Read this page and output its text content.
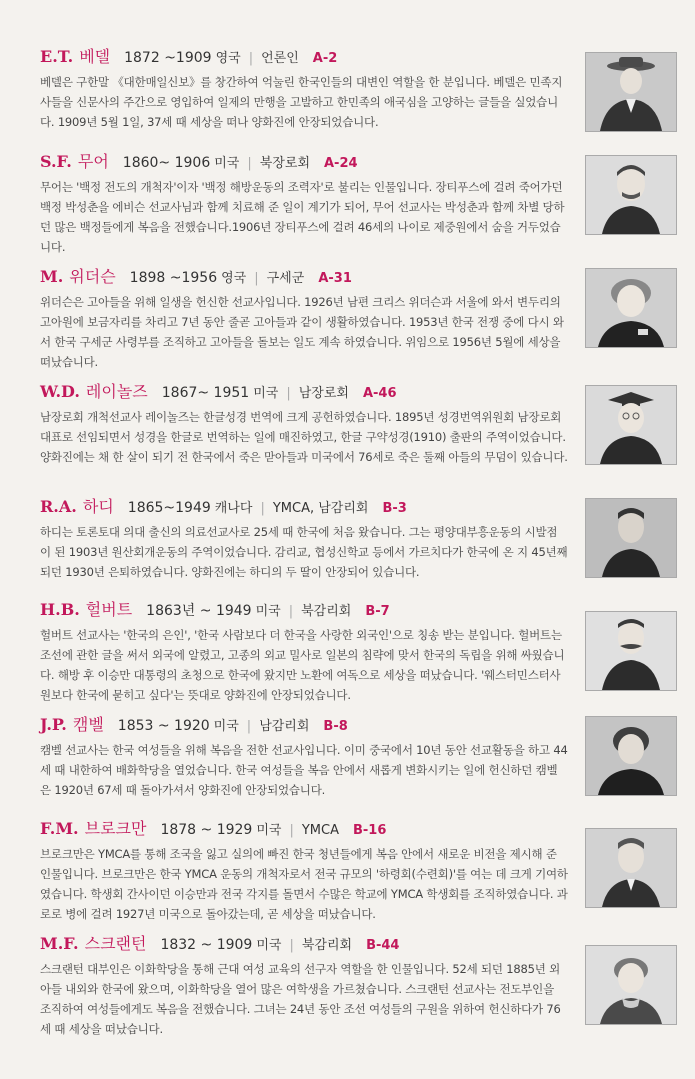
E.T. 베델 1872 ~1909 영국 | 언론인 A-2
베델은 구한말 《대한매일신보》를 창간하여 억눌린 한국인들의 대변인 역할을 한 분입니다. 베델은 민족지사들을 신문사의 주간으로 영입하여 일제의 만행을 고발하고 한민족의 애국심을 고양하는 글들을 실었습니다. 1909년 5월 1일, 37세 때 세상을 떠나 양화진에 안장되었습니다.
S.F. 무어 1860~ 1906 미국 | 북장로회 A-24
무어는 '백정 전도의 개척자'이자 '백정 해방운동의 조력자'로 불리는 인물입니다. 장티푸스에 걸려 죽어가던 백정 박성춘을 에비슨 선교사님과 함께 치료해 준 일이 계기가 되어, 무어 선교사는 박성춘과 함께 차별 당하던 많은 백정들에게 복음을 전했습니다.1906년 장티푸스에 걸려 46세의 나이로 제중원에서 숨을 거두었습니다.
M. 위더슨 1898 ~1956 영국 | 구세군 A-31
위더슨은 고아들을 위해 일생을 헌신한 선교사입니다. 1926년 남편 크리스 위더슨과 서울에 와서 변두리의 고아원에 보금자리를 차리고 7년 동안 줄곧 고아들과 같이 생활하였습니다. 1953년 한국 전쟁 중에 다시 와서 한국 구세군 사령부를 조직하고 고아들을 돌보는 일도 계속 하였습니다. 위임으로 1956년 5월에 세상을 떠났습니다.
W.D. 레이놀즈 1867~ 1951 미국 | 남장로회 A-46
남장로회 개척선교사 레이놀즈는 한글성경 번역에 크게 공헌하였습니다. 1895년 성경번역위원회 남장로회 대표로 선임되면서 성경을 한글로 번역하는 일에 매진하였고, 한글 구약성경(1910) 출판의 주역이었습니다. 양화진에는 채 한 살이 되기 전 한국에서 죽은 맏아들과 미국에서 76세로 죽은 둘째 아들의 무덤이 있습니다.
R.A. 하디 1865~1949 캐나다 | YMCA, 남감리회 B-3
하디는 토론토대 의대 출신의 의료선교사로 25세 때 한국에 처음 왔습니다. 그는 평양대부흥운동의 시발점이 된 1903년 원산회개운동의 주역이었습니다. 감리교, 협성신학교 등에서 가르치다가 한국에 온 지 45년째 되던 1930년 은퇴하였습니다. 양화진에는 하디의 두 딸이 안장되어 있습니다.
H.B. 헐버트 1863년 ~ 1949 미국 | 북감리회 B-7
헐버트 선교사는 '한국의 은인', '한국 사람보다 더 한국을 사랑한 외국인'으로 칭송 받는 분입니다. 헐버트는 조선에 관한 글을 써서 외국에 알렸고, 고종의 외교 밀사로 일본의 침략에 맞서 한국의 독립을 위해 싸웠습니다. 해방 후 이승만 대통령의 초청으로 한국에 왔지만 노환에 여독으로 세상을 떠났습니다. '웨스터민스터사원보다 한국에 묻히고 싶다'는 뜻대로 양화진에 안장되었습니다.
J.P. 캠벨 1853 ~ 1920 미국 | 남감리회 B-8
캠벨 선교사는 한국 여성들을 위해 복음을 전한 선교사입니다. 이미 중국에서 10년 동안 선교활동을 하고 44세 때 내한하여 배화학당을 열었습니다. 한국 여성들을 복음 안에서 새롭게 변화시키는 일에 헌신하던 캠벨은 1920년 67세 때 돌아가셔서 양화진에 안장되었습니다.
F.M. 브로크만 1878 ~ 1929 미국 | YMCA B-16
브로크만은 YMCA를 통해 조국을 잃고 실의에 빠진 한국 청년들에게 복음 안에서 새로운 비전을 제시해 준 인물입니다. 브로크만은 한국 YMCA 운동의 개척자로서 전국 규모의 '하령회(수련회)'를 여는 데 크게 기여하였습니다. 학생회 간사이던 이승만과 전국 각지를 돌면서 수많은 학교에 YMCA 학생회를 조직하였습니다. 과로로 병에 걸려 1927년 미국으로 돌아갔는데, 곧 세상을 떠났습니다.
M.F. 스크랜턴 1832 ~ 1909 미국 | 북감리회 B-44
스크랜턴 대부인은 이화학당을 통해 근대 여성 교육의 선구자 역할을 한 인물입니다. 52세 되던 1885년 외아들 내외와 한국에 왔으며, 이화학당을 열어 많은 여학생을 가르쳤습니다. 스크랜턴 선교사는 전도부인을 조직하여 여성들에게도 복음을 전했습니다. 그녀는 24년 동안 조선 여성들의 구원을 위하여 헌신하다가 76세 때 세상을 떠났습니다.
